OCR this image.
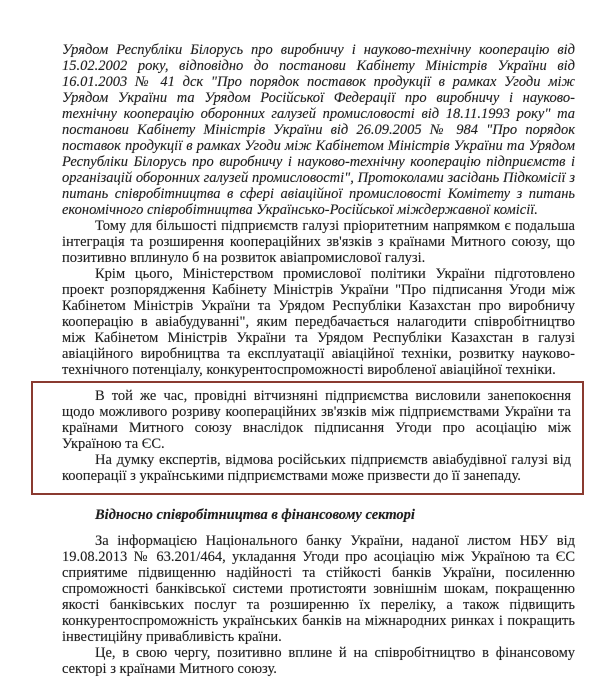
Урядом Республіки Білорусь про виробничу і науково-технічну кооперацію від 15.02.2002 року, відповідно до постанови Кабінету Міністрів України від 16.01.2003 № 41 дск "Про порядок поставок продукції в рамках Угоди між Урядом України та Урядом Російської Федерації про виробничу і науково-технічну кооперацію оборонних галузей промисловості від 18.11.1993 року" та постанови Кабінету Міністрів України від 26.09.2005 № 984 "Про порядок поставок продукції в рамках Угоди між Кабінетом Міністрів України та Урядом Республіки Білорусь про виробничу і науково-технічну кооперацію підприємств і організацій оборонних галузей промисловості", Протоколами засідань Підкомісії з питань співробітництва в сфері авіаційної промисловості Комітету з питань економічного співробітництва Українсько-Російської міждержавної комісії.

Тому для більшості підприємств галузі пріоритетним напрямком є подальша інтеграція та розширення коопераційних зв'язків з країнами Митного союзу, що позитивно вплинуло б на розвиток авіапромислової галузі.

Крім цього, Міністерством промислової політики України підготовлено проект розпорядження Кабінету Міністрів України "Про підписання Угоди між Кабінетом Міністрів України та Урядом Республіки Казахстан про виробничу кооперацію в авіабудуванні", яким передбачається налагодити співробітництво між Кабінетом Міністрів України та Урядом Республіки Казахстан в галузі авіаційного виробництва та експлуатації авіаційної техніки, розвитку науково-технічного потенціалу, конкурентоспроможності виробленої авіаційної техніки.

В той же час, провідні вітчизняні підприємства висловили занепокоєння щодо можливого розриву коопераційних зв'язків між підприємствами України та країнами Митного союзу внаслідок підписання Угоди про асоціацію між Україною та ЄС.

На думку експертів, відмова російських підприємств авіабудівної галузі від кооперації з українськими підприємствами може призвести до її занепаду.

Відносно співробітництва в фінансовому секторі

За інформацією Національного банку України, наданої листом НБУ від 19.08.2013 № 63.201/464, укладання Угоди про асоціацію між Україною та ЄС сприятиме підвищенню надійності та стійкості банків України, посиленню спроможності банківської системи протистояти зовнішнім шокам, покращенню якості банківських послуг та розширенню їх переліку, а також підвищить конкурентоспроможність українських банків на міжнародних ринках і покращить інвестиційну привабливість країни.

Це, в свою чергу, позитивно вплине й на співробітництво в фінансовому секторі з країнами Митного союзу.
